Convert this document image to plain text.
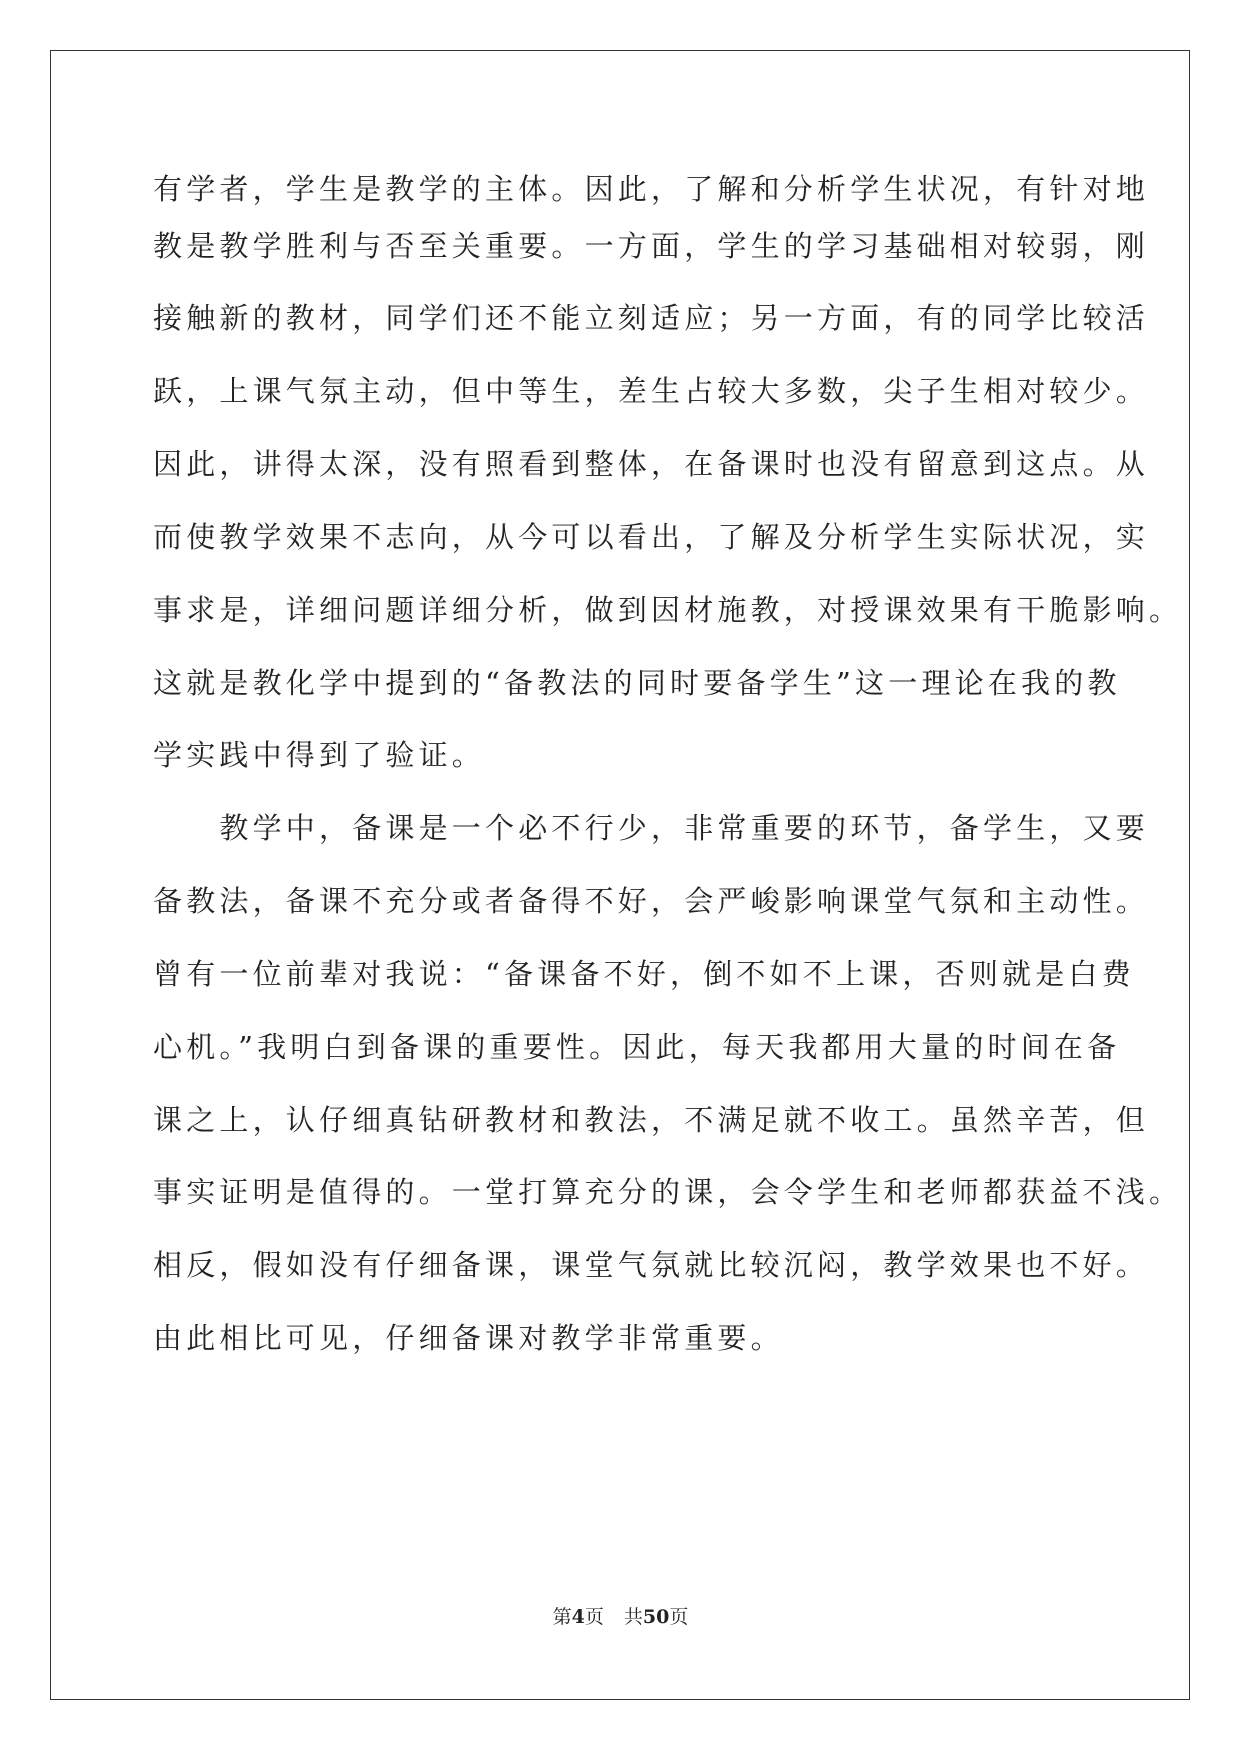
有学者，学生是教学的主体。因此，了解和分析学生状况，有针对地
教是教学胜利与否至关重要。一方面，学生的学习基础相对较弱，刚
接触新的教材，同学们还不能立刻适应；另一方面，有的同学比较活
跃，上课气氛主动，但中等生，差生占较大多数，尖子生相对较少。
因此，讲得太深，没有照看到整体，在备课时也没有留意到这点。从
而使教学效果不志向，从今可以看出，了解及分析学生实际状况，实
事求是，详细问题详细分析，做到因材施教，对授课效果有干脆影响。
这就是教化学中提到的“备教法的同时要备学生”这一理论在我的教
学实践中得到了验证。
　　教学中，备课是一个必不行少，非常重要的环节，备学生，又要
备教法，备课不充分或者备得不好，会严峻影响课堂气氛和主动性。
曾有一位前辈对我说：“备课备不好，倒不如不上课，否则就是白费
心机。”我明白到备课的重要性。因此，每天我都用大量的时间在备
课之上，认仔细真钻研教材和教法，不满足就不收工。虽然辛苦，但
事实证明是值得的。一堂打算充分的课，会令学生和老师都获益不浅。
相反，假如没有仔细备课，课堂气氛就比较沉闷，教学效果也不好。
由此相比可见，仔细备课对教学非常重要。
第4页 共50页
